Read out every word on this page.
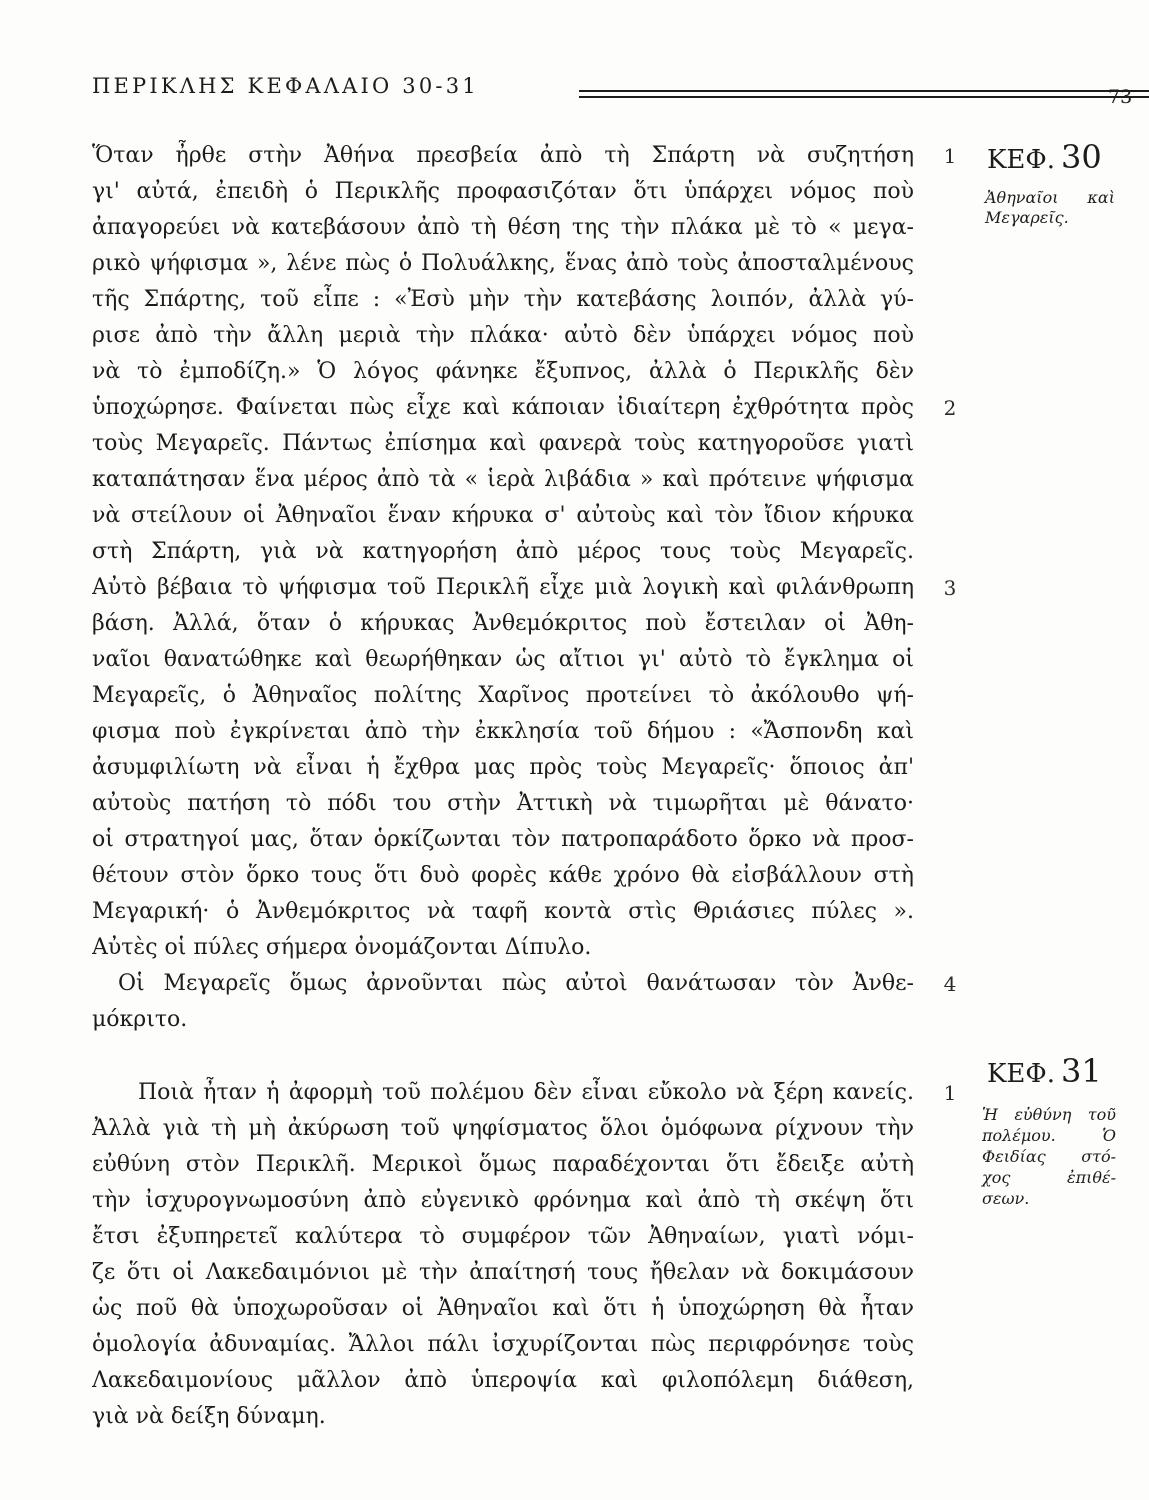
ΠΕΡΙΚΛΗΣ ΚΕΦΑΛΑΙΟ 30-31	73
Ὅταν ἦρθε στὴν Ἀθήνα πρεσβεία ἀπὸ τὴ Σπάρτη νὰ συζητήση
γι' αὐτά, ἐπειδὴ ὁ Περικλῆς προφασιζόταν ὅτι ὑπάρχει νόμος ποὺ
ἀπαγορεύει νὰ κατεβάσουν ἀπὸ τὴ θέση της τὴν πλάκα μὲ τὸ « μεγα-
ρικὸ ψήφισμα », λένε πὼς ὁ Πολυάλκης, ἕνας ἀπὸ τοὺς ἀποσταλμένους
τῆς Σπάρτης, τοῦ εἶπε : «Ἐσὺ μὴν τὴν κατεβάσης λοιπόν, ἀλλὰ γύ-
ρισε ἀπὸ τὴν ἄλλη μεριὰ τὴν πλάκα· αὐτὸ δὲν ὑπάρχει νόμος ποὺ
νὰ τὸ ἐμποδίζη.» Ὁ λόγος φάνηκε ἔξυπνος, ἀλλὰ ὁ Περικλῆς δὲν
ὑποχώρησε. Φαίνεται πὼς εἶχε καὶ κάποιαν ἰδιαίτερη ἐχθρότητα πρὸς
τοὺς Μεγαρεῖς. Πάντως ἐπίσημα καὶ φανερὰ τοὺς κατηγοροῦσε γιατὶ
καταπάτησαν ἕνα μέρος ἀπὸ τὰ « ἱερὰ λιβάδια » καὶ πρότεινε ψήφισμα
νὰ στείλουν οἱ Ἀθηναῖοι ἕναν κήρυκα σ' αὐτοὺς καὶ τὸν ἴδιον κήρυκα
στὴ Σπάρτη, γιὰ νὰ κατηγορήση ἀπὸ μέρος τους τοὺς Μεγαρεῖς.
Αὐτὸ βέβαια τὸ ψήφισμα τοῦ Περικλῆ εἶχε μιὰ λογικὴ καὶ φιλάνθρωπη
βάση. Ἀλλά, ὅταν ὁ κήρυκας Ἀνθεμόκριτος ποὺ ἔστειλαν οἱ Ἀθη-
ναῖοι θανατώθηκε καὶ θεωρήθηκαν ὡς αἴτιοι γι' αὐτὸ τὸ ἔγκλημα οἱ
Μεγαρεῖς, ὁ Ἀθηναῖος πολίτης Χαρῖνος προτείνει τὸ ἀκόλουθο ψή-
φισμα ποὺ ἐγκρίνεται ἀπὸ τὴν ἐκκλησία τοῦ δήμου : «Ἄσπονδη καὶ
ἀσυμφιλίωτη νὰ εἶναι ἡ ἔχθρα μας πρὸς τοὺς Μεγαρεῖς· ὅποιος ἀπ'
αὐτοὺς πατήση τὸ πόδι του στὴν Ἀττικὴ νὰ τιμωρῆται μὲ θάνατο·
οἱ στρατηγοί μας, ὅταν ὁρκίζωνται τὸν πατροπαράδοτο ὅρκο νὰ προσ-
θέτουν στὸν ὅρκο τους ὅτι δυὸ φορὲς κάθε χρόνο θὰ εἰσβάλλουν στὴ
Μεγαρική· ὁ Ἀνθεμόκριτος νὰ ταφῆ κοντὰ στὶς Θριάσιες πύλες ».
Αὐτὲς οἱ πύλες σήμερα ὀνομάζονται Δίπυλο.
Οἱ Μεγαρεῖς ὅμως ἀρνοῦνται πὼς αὐτοὶ θανάτωσαν τὸν Ἀνθε-
μόκριτο.
Ποιὰ ἦταν ἡ ἀφορμὴ τοῦ πολέμου δὲν εἶναι εὔκολο νὰ ξέρη κανείς.
Ἀλλὰ γιὰ τὴ μὴ ἀκύρωση τοῦ ψηφίσματος ὅλοι ὁμόφωνα ρίχνουν τὴν
εὐθύνη στὸν Περικλῆ. Μερικοὶ ὅμως παραδέχονται ὅτι ἔδειξε αὐτὴ
τὴν ἰσχυρογνωμοσύνη ἀπὸ εὐγενικὸ φρόνημα καὶ ἀπὸ τὴ σκέψη ὅτι
ἔτσι ἐξυπηρετεῖ καλύτερα τὸ συμφέρον τῶν Ἀθηναίων, γιατὶ νόμι-
ζε ὅτι οἱ Λακεδαιμόνιοι μὲ τὴν ἀπαίτησή τους ἤθελαν νὰ δοκιμάσουν
ὡς ποῦ θὰ ὑποχωροῦσαν οἱ Ἀθηναῖοι καὶ ὅτι ἡ ὑποχώρηση θὰ ἦταν
ὁμολογία ἀδυναμίας. Ἄλλοι πάλι ἰσχυρίζονται πὼς περιφρόνησε τοὺς
Λακεδαιμονίους μᾶλλον ἀπὸ ὑπεροψία καὶ φιλοπόλεμη διάθεση,
γιὰ νὰ δείξη δύναμη.
1
2
3
4
1
ΚΕΦ. 30
Ἀθηναῖοι καὶ
Μεγαρεῖς.
ΚΕΦ. 31
Ἡ εὐθύνη τοῦ
πολέμου. Ὁ
Φειδίας στό-
χος ἐπιθέ-
σεων.
